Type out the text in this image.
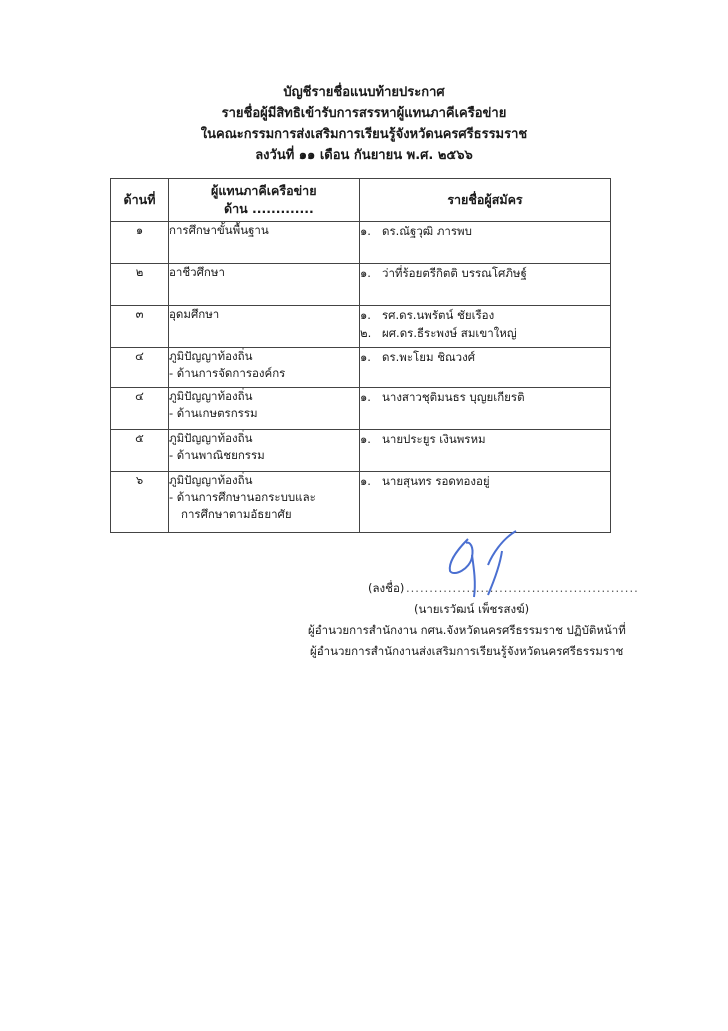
บัญชีรายชื่อแนบท้ายประกาศ
รายชื่อผู้มีสิทธิเข้ารับการสรรหาผู้แทนภาคีเครือข่าย
ในคณะกรรมการส่งเสริมการเรียนรู้จังหวัดนครศรีธรรมราช
ลงวันที่ ๑๑ เดือน กันยายน พ.ศ. ๒๕๖๖
ด้านที่	ผู้แทนภาคีเครือข่าย
ด้าน .............	รายชื่อผู้สมัคร
๑	การศึกษาขั้นพื้นฐาน	๑. ดร.ณัฐวุฒิ ภารพบ

๒	อาชีวศึกษา	๑. ว่าที่ร้อยตรีกิตติ บรรณโศภิษฐ์

๓	อุดมศึกษา	๑. รศ.ดร.นพรัตน์ ชัยเรือง
๒. ผศ.ดร.ธีระพงษ์ สมเขาใหญ่

๔	ภูมิปัญญาท้องถิ่น
- ด้านการจัดการองค์กร	๑. ดร.พะโยม ชิณวงศ์

๔	ภูมิปัญญาท้องถิ่น
- ด้านเกษตรกรรม	๑. นางสาวชุติมนธร บุญยเกียรติ

๕	ภูมิปัญญาท้องถิ่น
- ด้านพาณิชยกรรม	๑. นายประยูร เงินพรหม

๖	ภูมิปัญญาท้องถิ่น
- ด้านการศึกษานอกระบบและ
การศึกษาตามอัธยาศัย	๑. นายสุนทร รอดทองอยู่
(ลงชื่อ) ..................................................
(นายเรวัฒน์ เพ็ชรสงฆ์)
ผู้อำนวยการสำนักงาน กศน.จังหวัดนครศรีธรรมราช ปฏิบัติหน้าที่
ผู้อำนวยการสำนักงานส่งเสริมการเรียนรู้จังหวัดนครศรีธรรมราช
